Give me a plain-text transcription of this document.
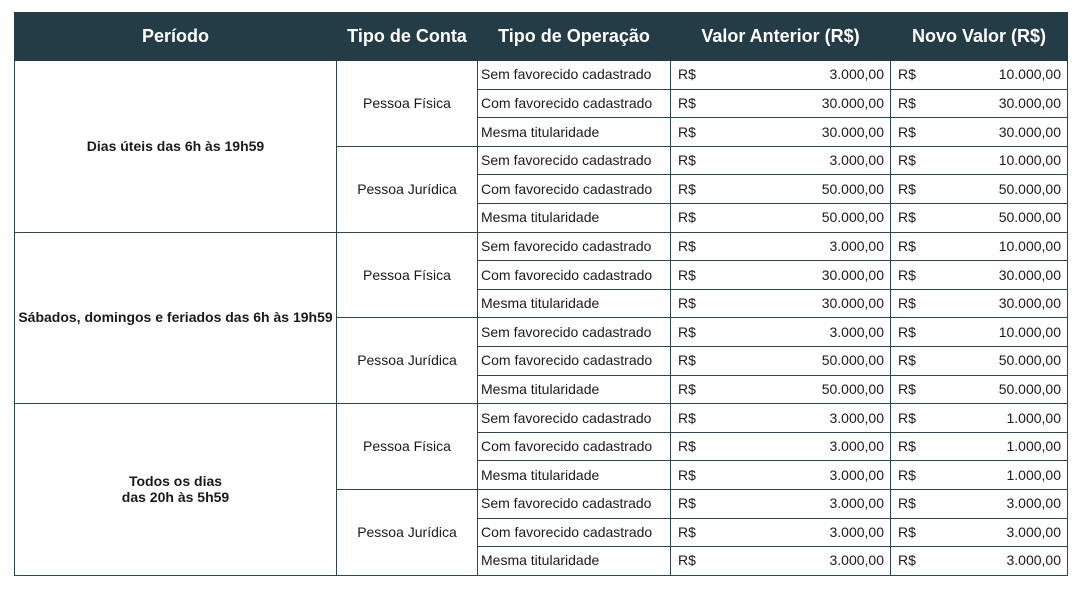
Período	Tipo de Conta	Tipo de Operação	Valor Anterior (R$)	Novo Valor (R$)

Dias úteis das 6h às 19h59	Pessoa Física	Sem favorecido cadastrado	R$ 3.000,00	R$ 10.000,00

		Com favorecido cadastrado	R$ 30.000,00	R$ 30.000,00

		Mesma titularidade	R$ 30.000,00	R$ 30.000,00

	Pessoa Jurídica	Sem favorecido cadastrado	R$ 3.000,00	R$ 10.000,00

		Com favorecido cadastrado	R$ 50.000,00	R$ 50.000,00

		Mesma titularidade	R$ 50.000,00	R$ 50.000,00

Sábados, domingos e feriados das 6h às 19h59	Pessoa Física	Sem favorecido cadastrado	R$ 3.000,00	R$ 10.000,00

		Com favorecido cadastrado	R$ 30.000,00	R$ 30.000,00

		Mesma titularidade	R$ 30.000,00	R$ 30.000,00

	Pessoa Jurídica	Sem favorecido cadastrado	R$ 3.000,00	R$ 10.000,00

		Com favorecido cadastrado	R$ 50.000,00	R$ 50.000,00

		Mesma titularidade	R$ 50.000,00	R$ 50.000,00

Todos os dias
das 20h às 5h59	Pessoa Física	Sem favorecido cadastrado	R$ 3.000,00	R$ 1.000,00

		Com favorecido cadastrado	R$ 3.000,00	R$ 1.000,00

		Mesma titularidade	R$ 3.000,00	R$ 1.000,00

	Pessoa Jurídica	Sem favorecido cadastrado	R$ 3.000,00	R$ 3.000,00

		Com favorecido cadastrado	R$ 3.000,00	R$ 3.000,00

		Mesma titularidade	R$ 3.000,00	R$ 3.000,00
